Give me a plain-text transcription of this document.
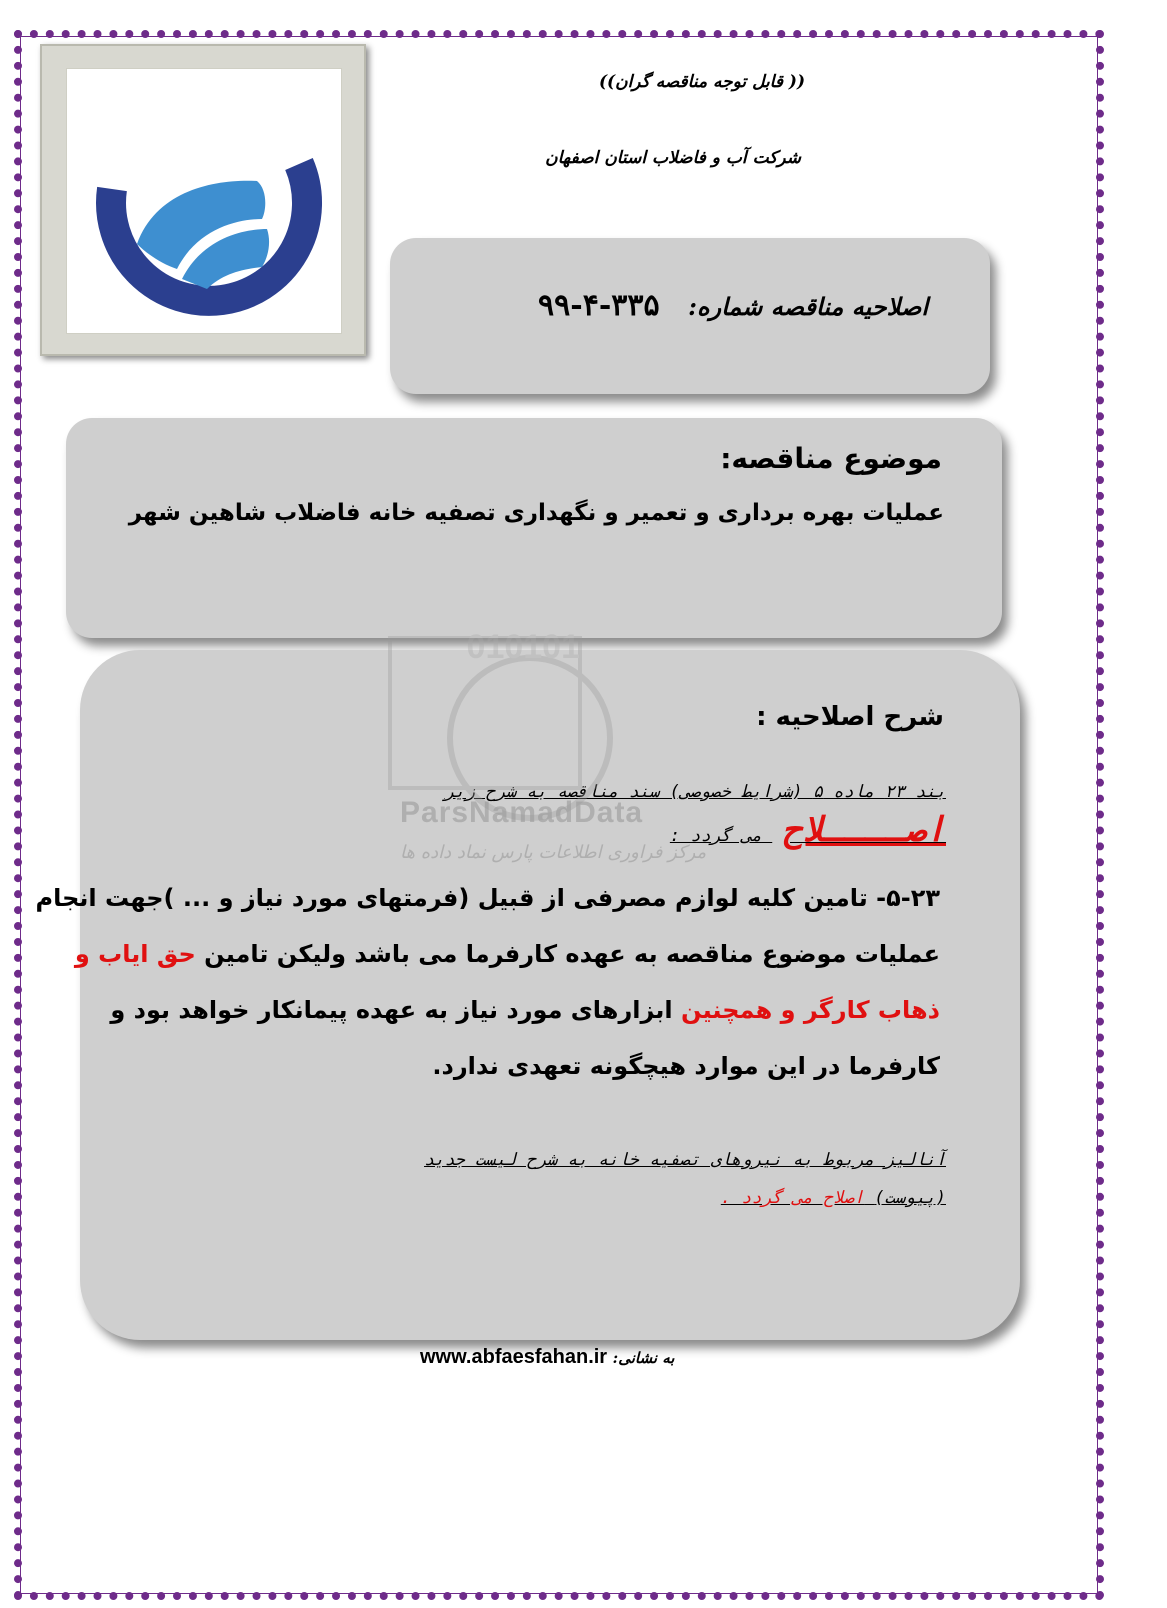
(( قابل توجه مناقصه گران))
شرکت آب و فاضلاب استان اصفهان
اصلاحیه مناقصه شماره: ۳۳۵-۴-۹۹
موضوع مناقصه:
عملیات بهره برداری و تعمیر و نگهداری تصفیه خانه فاضلاب شاهین شهر
شرح اصلاحیه :
بند ۲۳ ماده ۵ (شرایط خصوصی) سند مناقصه به شرح زیر
اصــــلاح می گردد :
۵-۲۳- تامین کلیه لوازم مصرفی از قبیل (فرمتهای مورد نیاز و ... )جهت انجام
عملیات موضوع مناقصه به عهده کارفرما می باشد ولیکن تامین حق ایاب و
ذهاب کارگر و همچنین ابزارهای مورد نیاز به عهده پیمانکار خواهد بود و
کارفرما در این موارد هیچگونه تعهدی ندارد.
آنالیز مربوط به نیروهای تصفیه خانه به شرح لیست جدید
(پیوست) اصلاح می گردد .
010101
ParsNamadData
مرکز فراوری اطلاعات پارس نماد داده ها
به نشانی: www.abfaesfahan.ir
